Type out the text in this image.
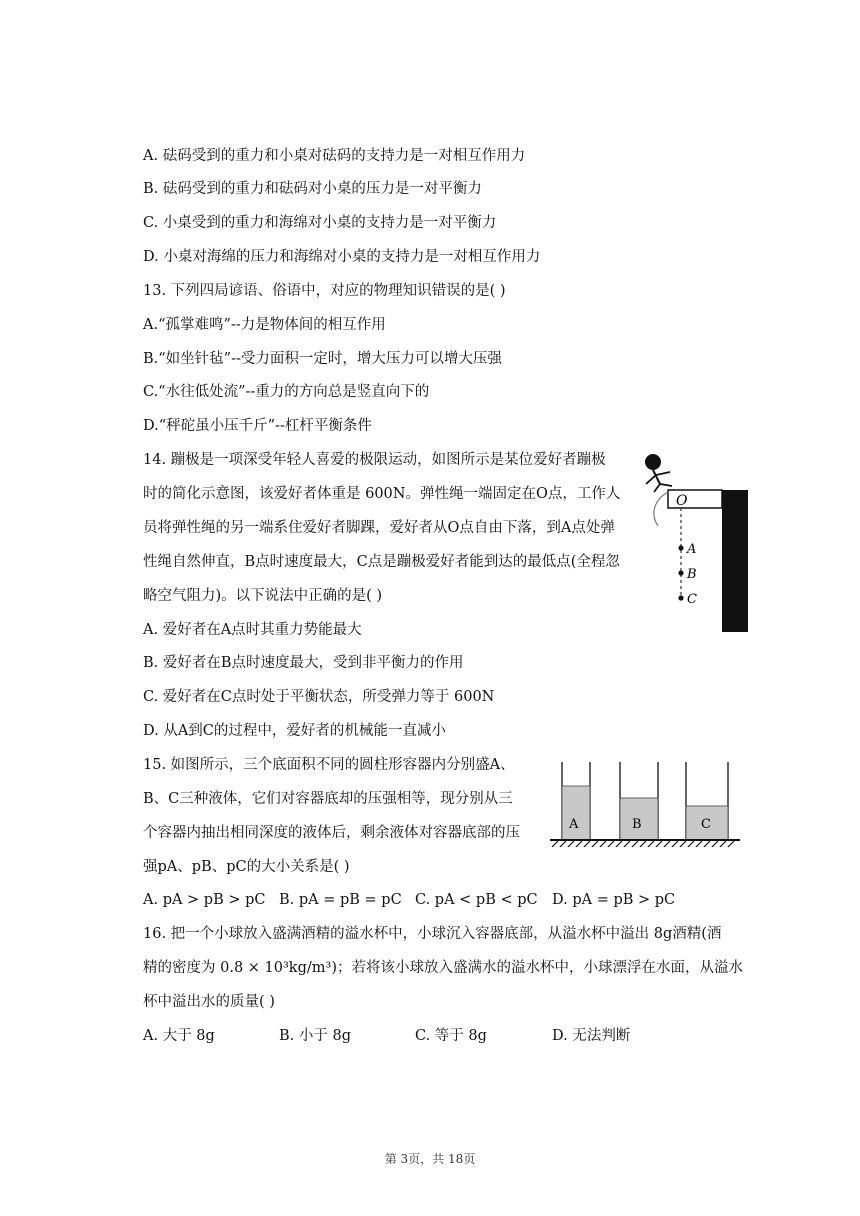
A. 砝码受到的重力和小桌对砝码的支持力是一对相互作用力
B. 砝码受到的重力和砝码对小桌的压力是一对平衡力
C. 小桌受到的重力和海绵对小桌的支持力是一对平衡力
D. 小桌对海绵的压力和海绵对小桌的支持力是一对相互作用力
13. 下列四局谚语、俗语中，对应的物理知识错误的是( )
A.“孤掌难鸣”--力是物体间的相互作用
B.“如坐针毡”--受力面积一定时，增大压力可以增大压强
C.“水往低处流”--重力的方向总是竖直向下的
D.“秤砣虽小压千斤”--杠杆平衡条件
14. 蹦极是一项深受年轻人喜爱的极限运动，如图所示是某位爱好者蹦极
时的简化示意图，该爱好者体重是 600N。弹性绳一端固定在O点，工作人
员将弹性绳的另一端系住爱好者脚踝，爱好者从O点自由下落，到A点处弹
性绳自然伸直，B点时速度最大，C点是蹦极爱好者能到达的最低点(全程忽
略空气阻力)。以下说法中正确的是( )
A. 爱好者在A点时其重力势能最大
B. 爱好者在B点时速度最大，受到非平衡力的作用
C. 爱好者在C点时处于平衡状态，所受弹力等于 600N
D. 从A到C的过程中，爱好者的机械能一直减小
O
A
B
C
15. 如图所示，三个底面积不同的圆柱形容器内分别盛A、
B、C三种液体，它们对容器底却的压强相等，现分别从三
个容器内抽出相同深度的液体后，剩余液体对容器底部的压
强pA、pB、pC的大小关系是( )
A. pA > pB > pC B. pA = pB = pC C. pA < pB < pC D. pA = pB > pC
A	B	C
16. 把一个小球放入盛满酒精的溢水杯中，小球沉入容器底部，从溢水杯中溢出 8g酒精(酒
精的密度为 0.8 × 10³kg/m³)；若将该小球放入盛满水的溢水杯中，小球漂浮在水面，从溢水
杯中溢出水的质量( )
A. 大于 8g	B. 小于 8g	C. 等于 8g	D. 无法判断
第 3页，共 18页
